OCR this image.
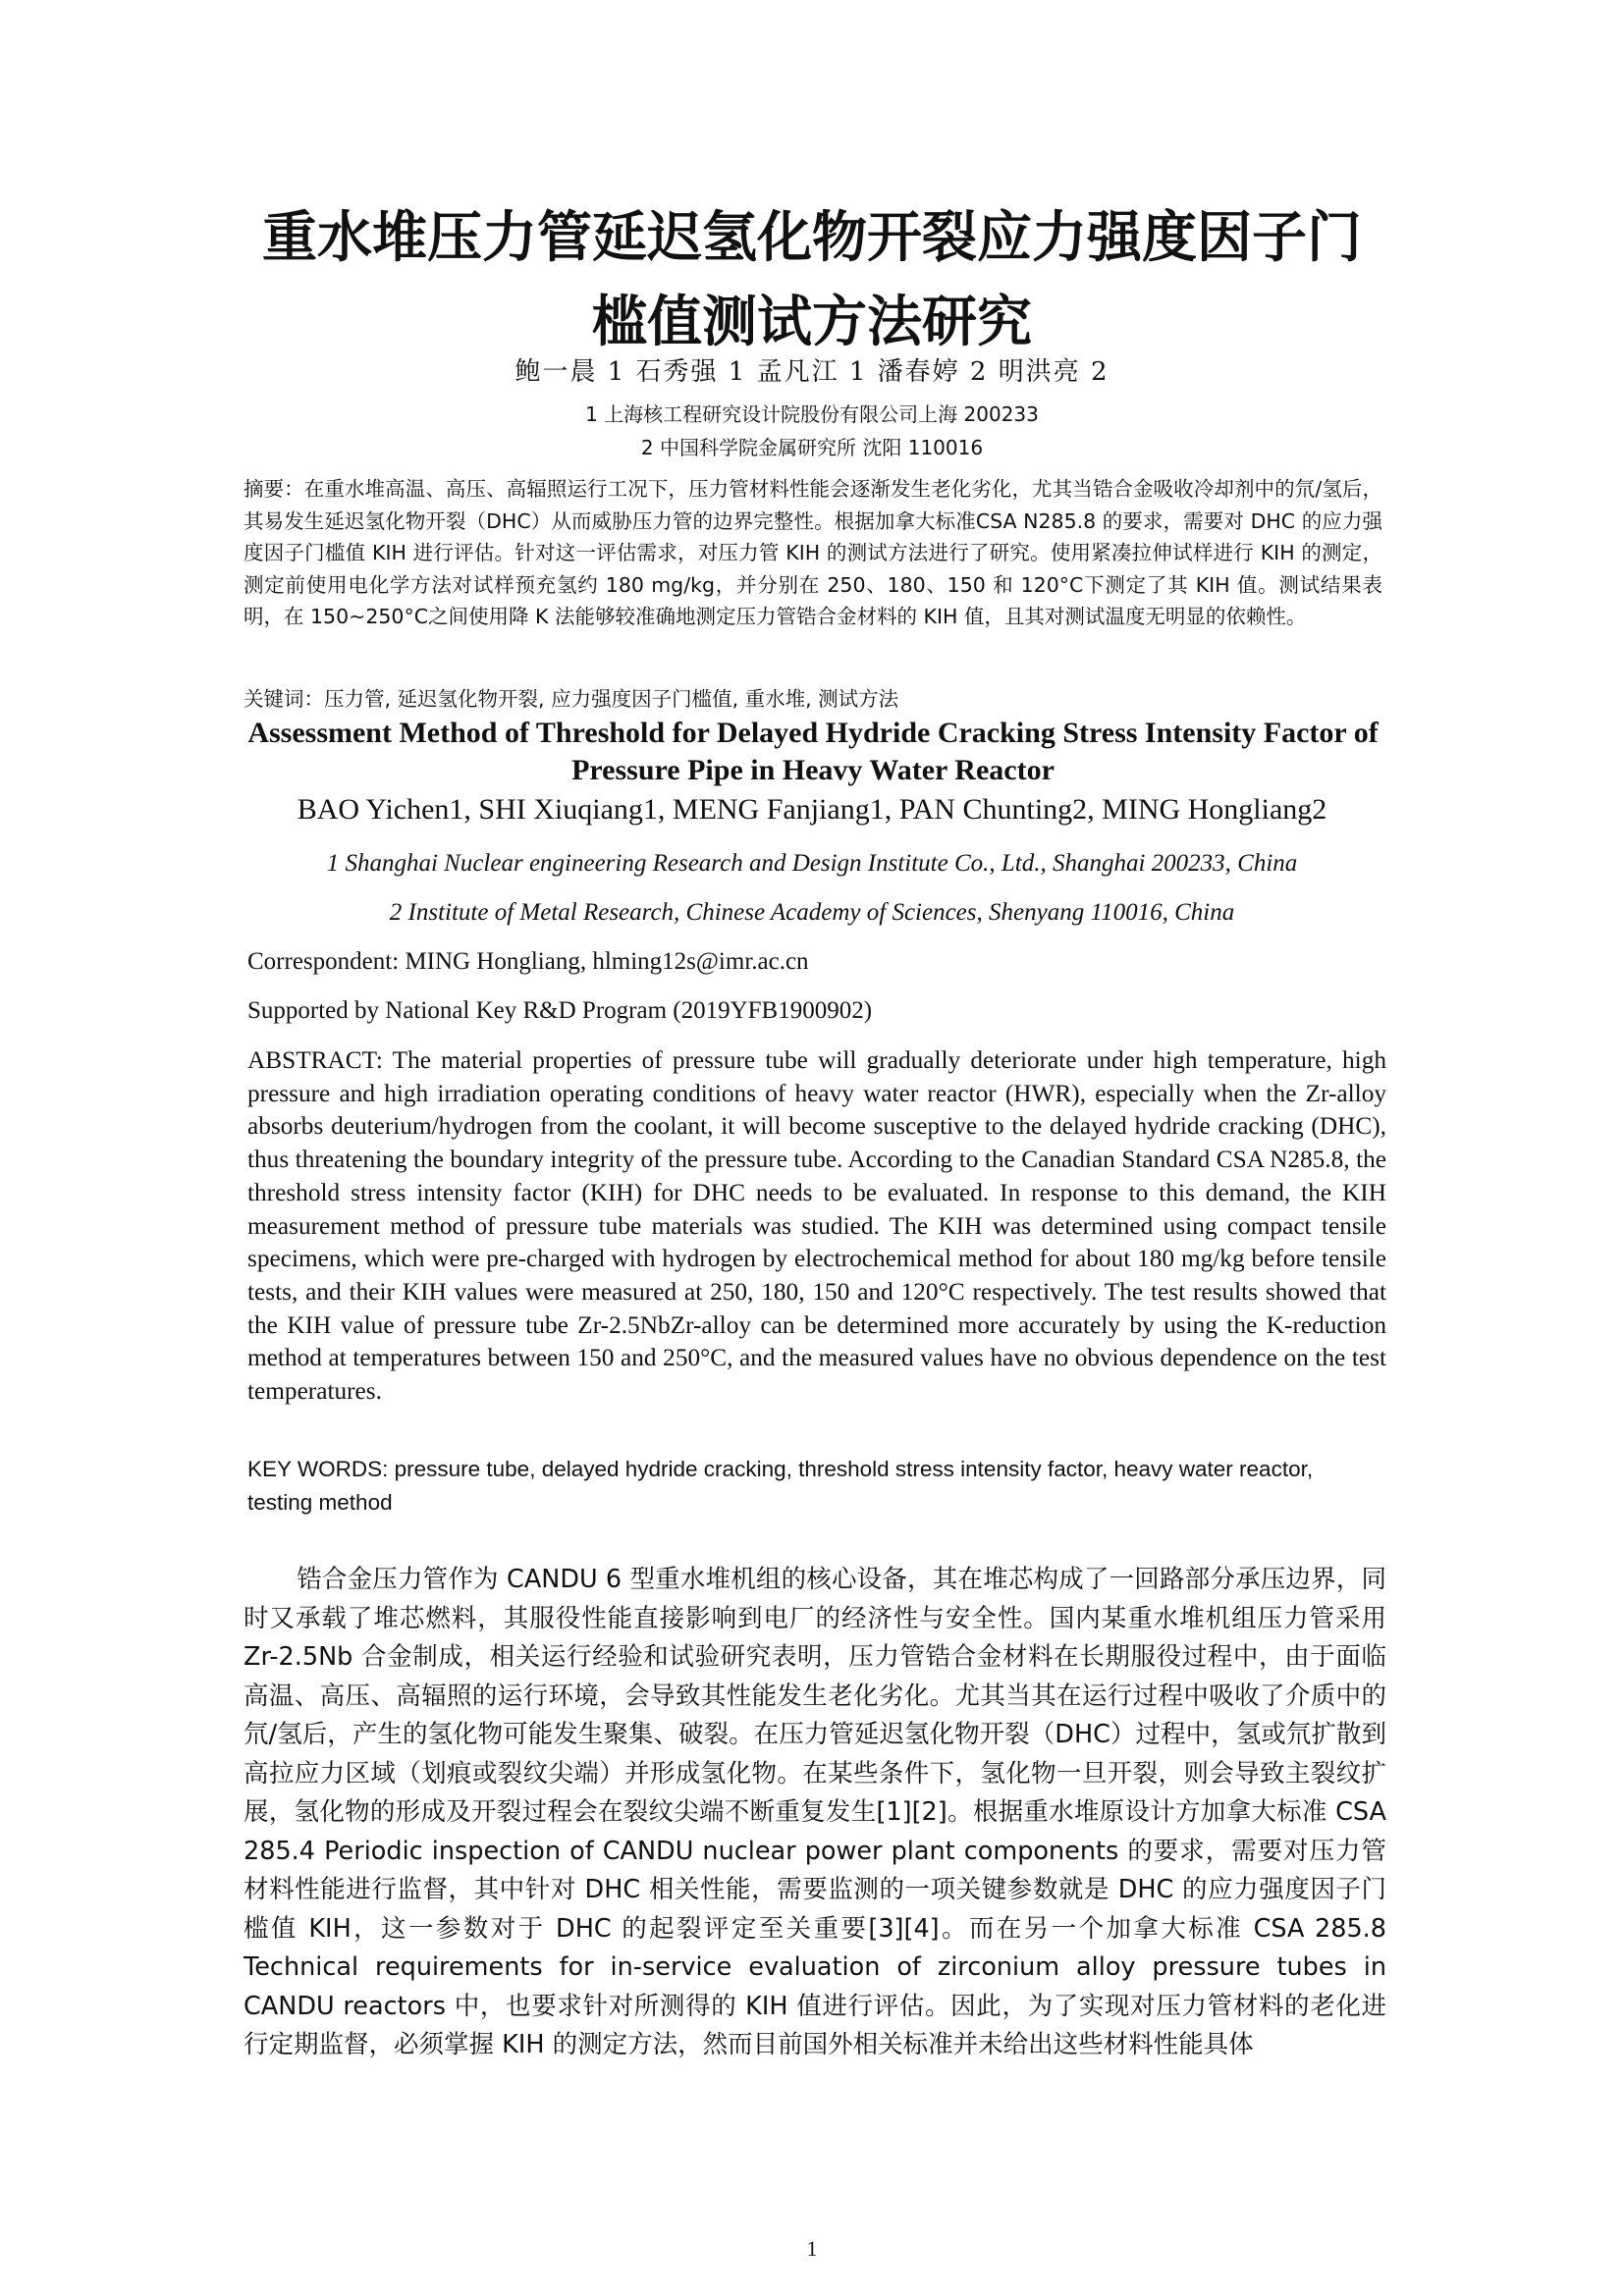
重水堆压力管延迟氢化物开裂应力强度因子门槛值测试方法研究
鲍一晨 1 石秀强 1 孟凡江 1 潘春婷 2 明洪亮 2
1 上海核工程研究设计院股份有限公司上海 200233
2 中国科学院金属研究所 沈阳 110016

摘要：在重水堆高温、高压、高辐照运行工况下，压力管材料性能会逐渐发生老化劣化，尤其当锆合金吸收冷却剂中的氘/氢后，其易发生延迟氢化物开裂（DHC）从而威胁压力管的边界完整性。根据加拿大标准CSA N285.8 的要求，需要对 DHC 的应力强度因子门槛值 KIH 进行评估。针对这一评估需求，对压力管 KIH 的测试方法进行了研究。使用紧凑拉伸试样进行 KIH 的测定，测定前使用电化学方法对试样预充氢约 180 mg/kg，并分别在 250、180、150 和 120°C下测定了其 KIH 值。测试结果表明，在 150~250°C之间使用降 K 法能够较准确地测定压力管锆合金材料的 KIH 值，且其对测试温度无明显的依赖性。

关键词：压力管, 延迟氢化物开裂, 应力强度因子门槛值, 重水堆, 测试方法

Assessment Method of Threshold for Delayed Hydride Cracking Stress Intensity Factor of Pressure Pipe in Heavy Water Reactor
BAO Yichen1, SHI Xiuqiang1, MENG Fanjiang1, PAN Chunting2, MING Hongliang2
1 Shanghai Nuclear engineering Research and Design Institute Co., Ltd., Shanghai 200233, China
2 Institute of Metal Research, Chinese Academy of Sciences, Shenyang 110016, China
Correspondent: MING Hongliang, hlming12s@imr.ac.cn
Supported by National Key R&D Program (2019YFB1900902)

ABSTRACT: The material properties of pressure tube will gradually deteriorate under high temperature, high pressure and high irradiation operating conditions of heavy water reactor (HWR), especially when the Zr-alloy absorbs deuterium/hydrogen from the coolant, it will become susceptive to the delayed hydride cracking (DHC), thus threatening the boundary integrity of the pressure tube. According to the Canadian Standard CSA N285.8, the threshold stress intensity factor (KIH) for DHC needs to be evaluated. In response to this demand, the KIH measurement method of pressure tube materials was studied. The KIH was determined using compact tensile specimens, which were pre-charged with hydrogen by electrochemical method for about 180 mg/kg before tensile tests, and their KIH values were measured at 250, 180, 150 and 120°C respectively. The test results showed that the KIH value of pressure tube Zr-2.5NbZr-alloy can be determined more accurately by using the K-reduction method at temperatures between 150 and 250°C, and the measured values have no obvious dependence on the test temperatures.

KEY WORDS: pressure tube, delayed hydride cracking, threshold stress intensity factor, heavy water reactor, testing method

锆合金压力管作为 CANDU 6 型重水堆机组的核心设备，其在堆芯构成了一回路部分承压边界，同时又承载了堆芯燃料，其服役性能直接影响到电厂的经济性与安全性。国内某重水堆机组压力管采用 Zr-2.5Nb 合金制成，相关运行经验和试验研究表明，压力管锆合金材料在长期服役过程中，由于面临高温、高压、高辐照的运行环境，会导致其性能发生老化劣化。尤其当其在运行过程中吸收了介质中的氘/氢后，产生的氢化物可能发生聚集、破裂。在压力管延迟氢化物开裂（DHC）过程中，氢或氘扩散到高拉应力区域（划痕或裂纹尖端）并形成氢化物。在某些条件下，氢化物一旦开裂，则会导致主裂纹扩展，氢化物的形成及开裂过程会在裂纹尖端不断重复发生[1][2]。根据重水堆原设计方加拿大标准 CSA 285.4 Periodic inspection of CANDU nuclear power plant components 的要求，需要对压力管材料性能进行监督，其中针对 DHC 相关性能，需要监测的一项关键参数就是 DHC 的应力强度因子门槛值 KIH，这一参数对于 DHC 的起裂评定至关重要[3][4]。而在另一个加拿大标准 CSA 285.8 Technical requirements for in-service evaluation of zirconium alloy pressure tubes in CANDU reactors 中，也要求针对所测得的 KIH 值进行评估。因此，为了实现对压力管材料的老化进行定期监督，必须掌握 KIH 的测定方法，然而目前国外相关标准并未给出这些材料性能具体

1
